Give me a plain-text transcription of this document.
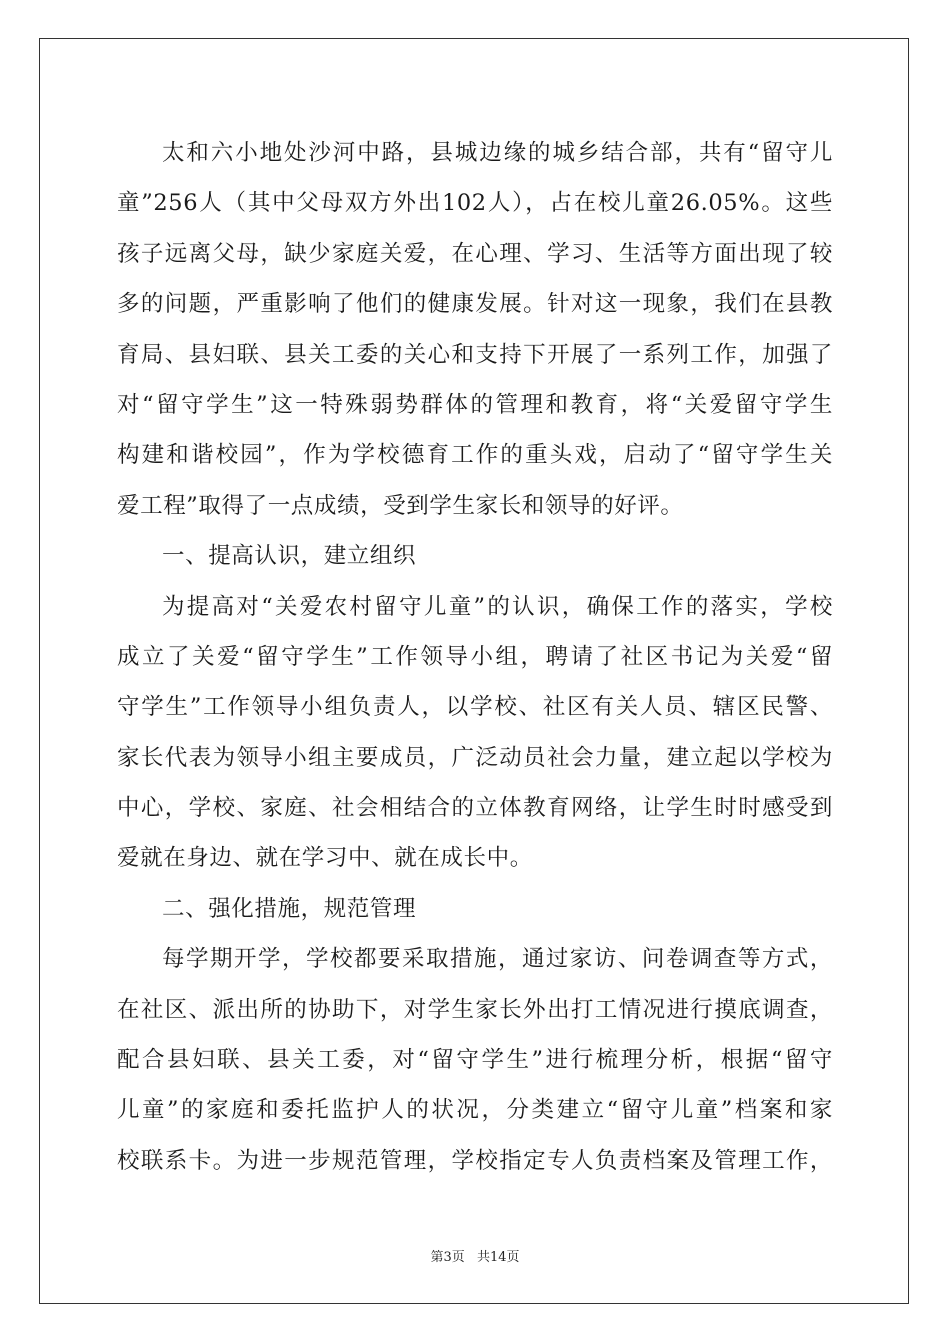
太和六小地处沙河中路，县城边缘的城乡结合部，共有“留守儿
童”256人（其中父母双方外出102人），占在校儿童26.05%。这些
孩子远离父母，缺少家庭关爱，在心理、学习、生活等方面出现了较
多的问题，严重影响了他们的健康发展。针对这一现象，我们在县教
育局、县妇联、县关工委的关心和支持下开展了一系列工作，加强了
对“留守学生”这一特殊弱势群体的管理和教育，将“关爱留守学生
构建和谐校园”，作为学校德育工作的重头戏，启动了“留守学生关
爱工程”取得了一点成绩，受到学生家长和领导的好评。
一、提高认识，建立组织
为提高对“关爱农村留守儿童”的认识，确保工作的落实，学校
成立了关爱“留守学生”工作领导小组，聘请了社区书记为关爱“留
守学生”工作领导小组负责人，以学校、社区有关人员、辖区民警、
家长代表为领导小组主要成员，广泛动员社会力量，建立起以学校为
中心，学校、家庭、社会相结合的立体教育网络，让学生时时感受到
爱就在身边、就在学习中、就在成长中。
二、强化措施，规范管理
每学期开学，学校都要采取措施，通过家访、问卷调查等方式，
在社区、派出所的协助下，对学生家长外出打工情况进行摸底调查，
配合县妇联、县关工委，对“留守学生”进行梳理分析，根据“留守
儿童”的家庭和委托监护人的状况，分类建立“留守儿童”档案和家
校联系卡。为进一步规范管理，学校指定专人负责档案及管理工作，
第3页 共14页
